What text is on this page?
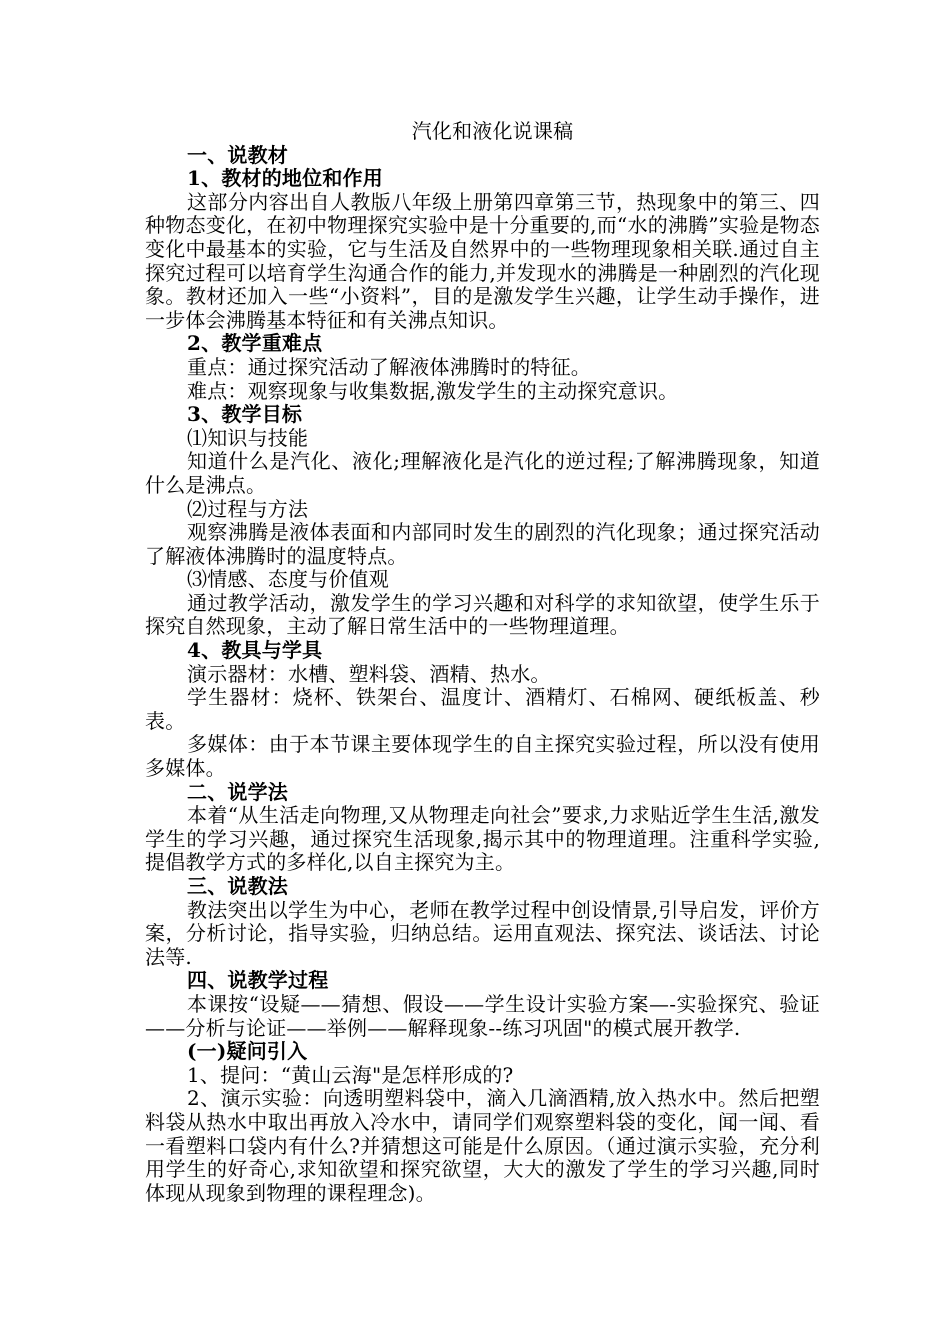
汽化和液化说课稿
一、说教材
1、教材的地位和作用
这部分内容出自人教版八年级上册第四章第三节，热现象中的第三、四种物态变化，在初中物理探究实验中是十分重要的,而“水的沸腾”实验是物态变化中最基本的实验，它与生活及自然界中的一些物理现象相关联.通过自主探究过程可以培育学生沟通合作的能力,并发现水的沸腾是一种剧烈的汽化现象。教材还加入一些“小资料”，目的是激发学生兴趣，让学生动手操作，进一步体会沸腾基本特征和有关沸点知识。
2、教学重难点
重点：通过探究活动了解液体沸腾时的特征。
难点：观察现象与收集数据,激发学生的主动探究意识。
3、教学目标
⑴知识与技能
知道什么是汽化、液化;理解液化是汽化的逆过程;了解沸腾现象，知道什么是沸点。
⑵过程与方法
观察沸腾是液体表面和内部同时发生的剧烈的汽化现象；通过探究活动了解液体沸腾时的温度特点。
⑶情感、态度与价值观
通过教学活动，激发学生的学习兴趣和对科学的求知欲望，使学生乐于探究自然现象，主动了解日常生活中的一些物理道理。
4、教具与学具
演示器材：水槽、塑料袋、酒精、热水。
学生器材：烧杯、铁架台、温度计、酒精灯、石棉网、硬纸板盖、秒表。
多媒体：由于本节课主要体现学生的自主探究实验过程，所以没有使用多媒体。
二、说学法
本着“从生活走向物理,又从物理走向社会”要求,力求贴近学生生活,激发学生的学习兴趣，通过探究生活现象,揭示其中的物理道理。注重科学实验,提倡教学方式的多样化,以自主探究为主。
三、说教法
教法突出以学生为中心，老师在教学过程中创设情景,引导启发，评价方案，分析讨论，指导实验，归纳总结。运用直观法、探究法、谈话法、讨论法等.
四、说教学过程
本课按“设疑——猜想、假设——学生设计实验方案—-实验探究、验证——分析与论证——举例——解释现象--练习巩固"的模式展开教学.
(一)疑问引入
1、提问：“黄山云海"是怎样形成的?
2、演示实验：向透明塑料袋中，滴入几滴酒精,放入热水中。然后把塑料袋从热水中取出再放入冷水中，请同学们观察塑料袋的变化，闻一闻、看一看塑料口袋内有什么?并猜想这可能是什么原因。（通过演示实验，充分利用学生的好奇心,求知欲望和探究欲望，大大的激发了学生的学习兴趣,同时体现从现象到物理的课程理念)。
